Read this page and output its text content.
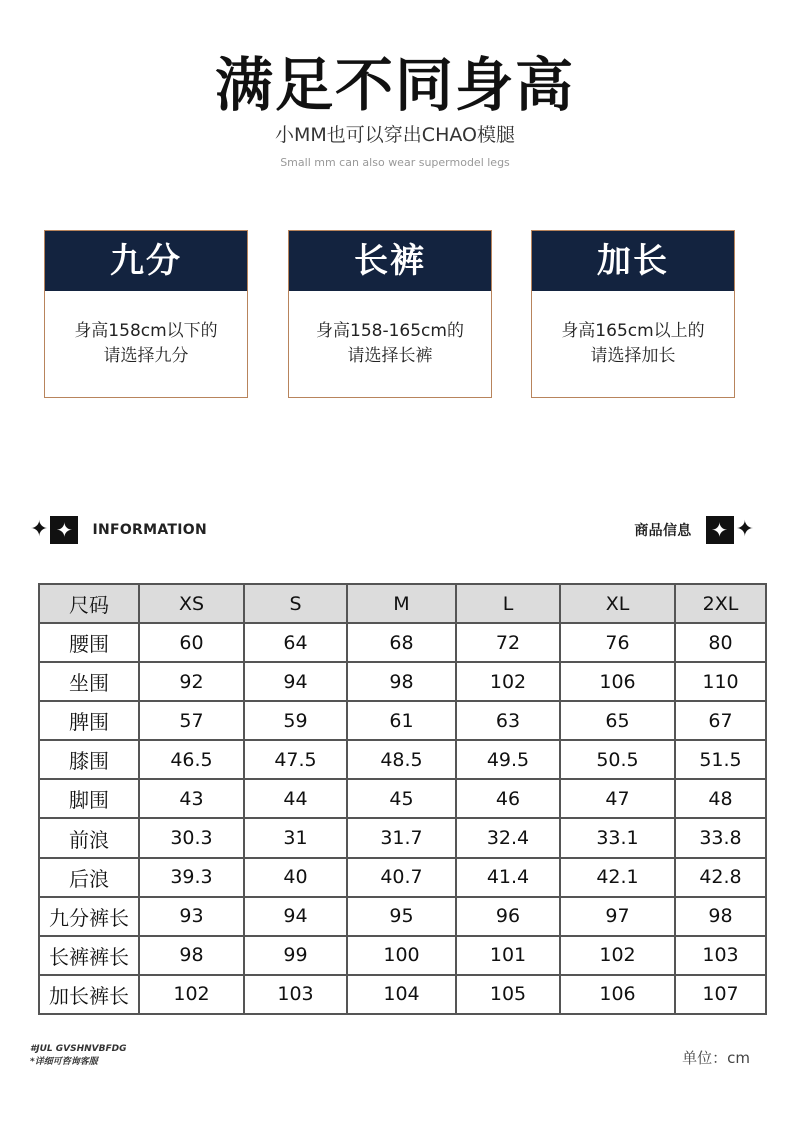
满足不同身高
小MM也可以穿出CHAO模腿
Small mm can also wear supermodel legs
九分
身高158cm以下的
请选择九分
长裤
身高158-165cm的
请选择长裤
加长
身高165cm以上的
请选择加长
✦ ✦	INFORMATION	商品信息 ✦ ✦
尺码	XS	S	M	L	XL	2XL
腰围	60	64	68	72	76	80
坐围	92	94	98	102	106	110
脾围	57	59	61	63	65	67
膝围	46.5	47.5	48.5	49.5	50.5	51.5
脚围	43	44	45	46	47	48
前浪	30.3	31	31.7	32.4	33.1	33.8
后浪	39.3	40	40.7	41.4	42.1	42.8
九分裤长	93	94	95	96	97	98
长裤裤长	98	99	100	101	102	103
加长裤长	102	103	104	105	106	107
#JUL GVSHNVBFDG
*详细可咨询客服	单位：cm
